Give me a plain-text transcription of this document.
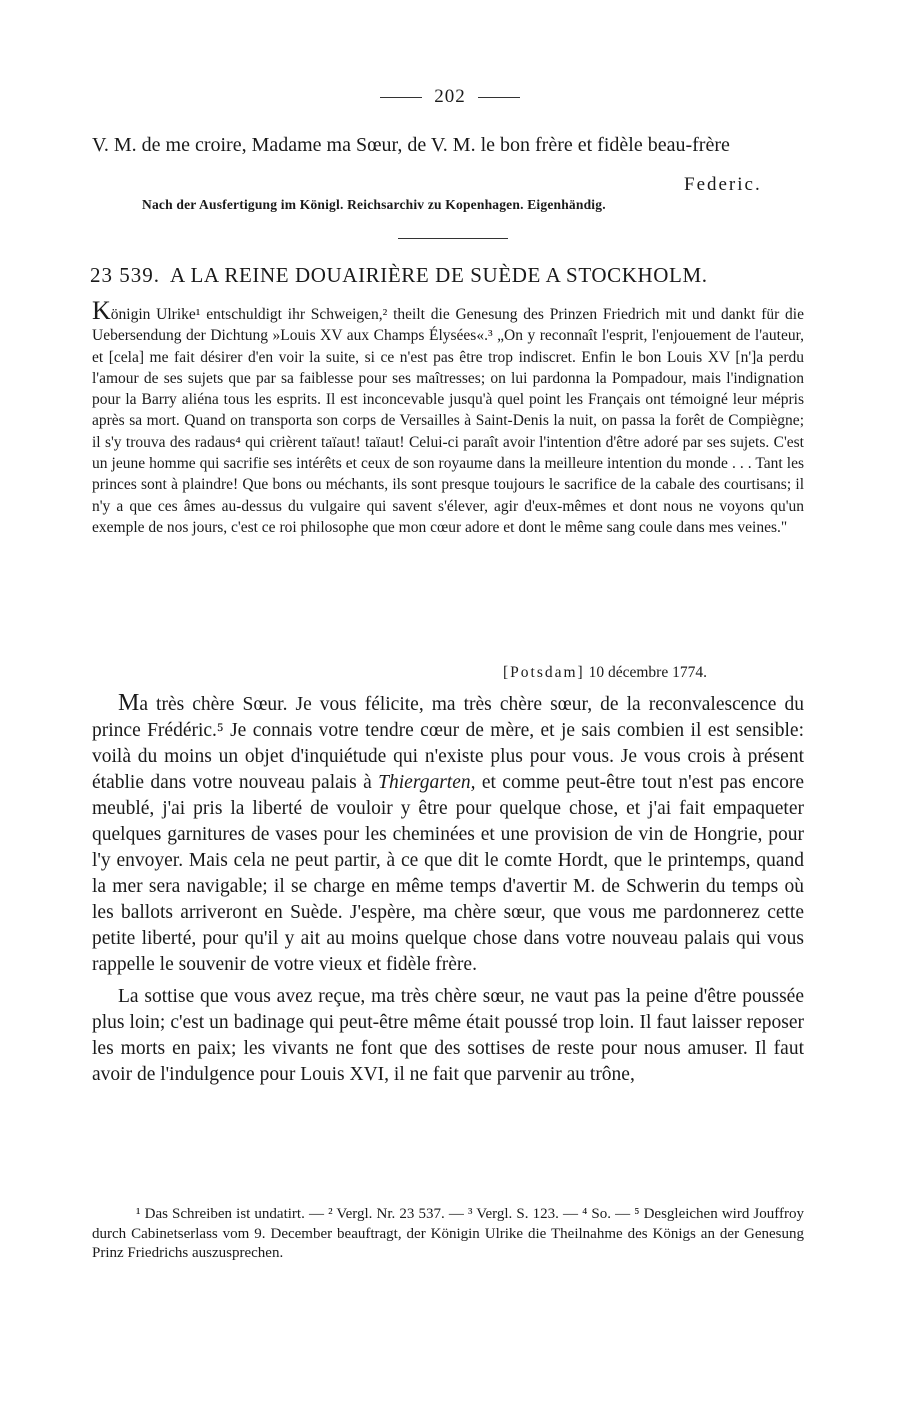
202
V. M. de me croire, Madame ma Sœur, de V. M. le bon frère et fidèle beau-frère
Federic.
Nach der Ausfertigung im Königl. Reichsarchiv zu Kopenhagen. Eigenhändig.
23 539. A LA REINE DOUAIRIÈRE DE SUÈDE A STOCKHOLM.
Königin Ulrike¹ entschuldigt ihr Schweigen,² theilt die Genesung des Prinzen Friedrich mit und dankt für die Uebersendung der Dichtung »Louis XV aux Champs Élysées«.³ „On y reconnaît l'esprit, l'enjouement de l'auteur, et [cela] me fait désirer d'en voir la suite, si ce n'est pas être trop indiscret. Enfin le bon Louis XV [n']a perdu l'amour de ses sujets que par sa faiblesse pour ses maîtresses; on lui pardonna la Pompadour, mais l'indignation pour la Barry aliéna tous les esprits. Il est inconcevable jusqu'à quel point les Français ont témoigné leur mépris après sa mort. Quand on transporta son corps de Versailles à Saint-Denis la nuit, on passa la forêt de Compiègne; il s'y trouva des radaus⁴ qui crièrent taïaut! taïaut! Celui-ci paraît avoir l'intention d'être adoré par ses sujets. C'est un jeune homme qui sacrifie ses intérêts et ceux de son royaume dans la meilleure intention du monde . . . Tant les princes sont à plaindre! Que bons ou méchants, ils sont presque toujours le sacrifice de la cabale des courtisans; il n'y a que ces âmes au-dessus du vulgaire qui savent s'élever, agir d'eux-mêmes et dont nous ne voyons qu'un exemple de nos jours, c'est ce roi philosophe que mon cœur adore et dont le même sang coule dans mes veines."
[Potsdam] 10 décembre 1774.

Ma très chère Sœur. Je vous félicite, ma très chère sœur, de la reconvalescence du prince Frédéric.⁵ Je connais votre tendre cœur de mère, et je sais combien il est sensible: voilà du moins un objet d'inquiétude qui n'existe plus pour vous. Je vous crois à présent établie dans votre nouveau palais à Thiergarten, et comme peut-être tout n'est pas encore meublé, j'ai pris la liberté de vouloir y être pour quelque chose, et j'ai fait empaqueter quelques garnitures de vases pour les cheminées et une provision de vin de Hongrie, pour l'y envoyer. Mais cela ne peut partir, à ce que dit le comte Hordt, que le printemps, quand la mer sera navigable; il se charge en même temps d'avertir M. de Schwerin du temps où les ballots arriveront en Suède. J'espère, ma chère sœur, que vous me pardonnerez cette petite liberté, pour qu'il y ait au moins quelque chose dans votre nouveau palais qui vous rappelle le souvenir de votre vieux et fidèle frère.

La sottise que vous avez reçue, ma très chère sœur, ne vaut pas la peine d'être poussée plus loin; c'est un badinage qui peut-être même était poussé trop loin. Il faut laisser reposer les morts en paix; les vivants ne font que des sottises de reste pour nous amuser. Il faut avoir de l'indulgence pour Louis XVI, il ne fait que parvenir au trône,

¹ Das Schreiben ist undatirt. — ² Vergl. Nr. 23 537. — ³ Vergl. S. 123. — ⁴ So. — ⁵ Desgleichen wird Jouffroy durch Cabinetserlass vom 9. December beauftragt, der Königin Ulrike die Theilnahme des Königs an der Genesung Prinz Friedrichs auszusprechen.
